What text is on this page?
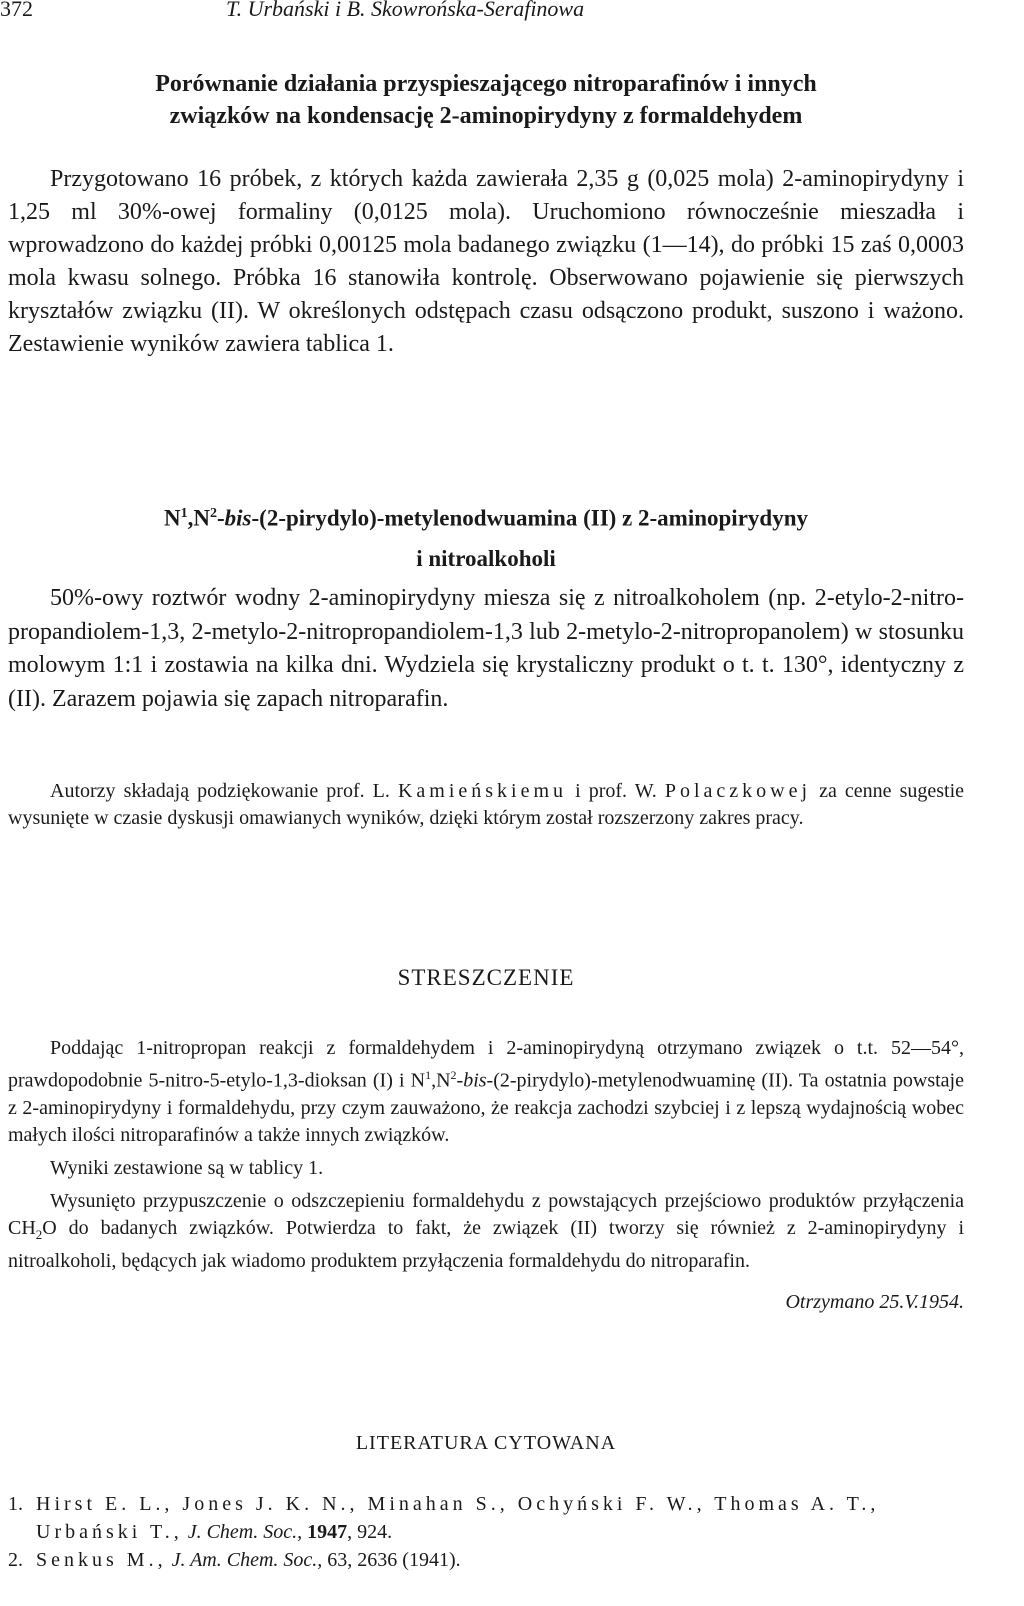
372	T. Urbański i B. Skowrońska-Serafinowa
Porównanie działania przyspieszającego nitroparafinów i innych
związków na kondensację 2-aminopirydyny z formaldehydem

Przygotowano 16 próbek, z których każda zawierała 2,35 g (0,025 mola) 2-aminopirydyny i 1,25 ml 30%-owej formaliny (0,0125 mola). Uruchomiono równocześnie mieszadła i wprowadzono do każdej próbki 0,00125 mola badanego związku (1—14), do próbki 15 zaś 0,0003 mola kwasu solnego. Próbka 16 stanowiła kontrolę. Obserwowano pojawienie się pierwszych kryształów związku (II). W określonych odstępach czasu odsączono produkt, suszono i ważono. Zestawienie wyników zawiera tablica 1.

$N^1,N^2-bis-(2-pirydylo)$-metylenodwuamina (II) z 2-aminopirydyny
i nitroalkoholi

50%-owy roztwór wodny 2-aminopirydyny miesza się z nitroalkoholem (np. 2-etylo-2-nitro-propandiolem-1,3, 2-metylo-2-nitropropandiolem-1,3 lub 2-metylo-2-nitropropanolem) w stosunku molowym 1:1 i zostawia na kilka dni. Wydziela się krystaliczny produkt o t. t. 130°, identyczny z (II). Zarazem pojawia się zapach nitroparafin.

Autorzy składają podziękowanie prof. L. Kamieńskiemu i prof. W. Polaczkowej za cenne sugestie wysunięte w czasie dyskusji omawianych wyników, dzięki którym został rozszerzony zakres pracy.

STRESZCZENIE

Poddając 1-nitropropan reakcji z formaldehydem i 2-aminopirydyną otrzymano związek o t.t. 52—54°, prawdopodobnie 5-nitro-5-etylo-1,3-dioksan (I) i $N^1,N^2-bis-(2-pirydylo)$-metylenodwuaminę (II). Ta ostatnia powstaje z 2-aminopirydyny i formaldehydu, przy czym zauważono, że reakcja zachodzi szybciej i z lepszą wydajnością wobec małych ilości nitroparafinów a także innych związków.

Wyniki zestawione są w tablicy 1.

Wysunięto przypuszczenie o odszczepieniu formaldehydu z powstających przejściowo produktów przyłączenia $CH_2O$ do badanych związków. Potwierdza to fakt, że związek (II) tworzy się również z 2-aminopirydyny i nitroalkoholi, będących jak wiadomo produktem przyłączenia formaldehydu do nitroparafin.

Otrzymano 25.V.1954.

LITERATURA CYTOWANA
1. Hirst E. L., Jones J. K. N., Minahan S., Ochyński F. W., Thomas A. T., Urbański T., J. Chem. Soc., 1947, 924.
2. Senkus M., J. Am. Chem. Soc., 63, 2636 (1941).
